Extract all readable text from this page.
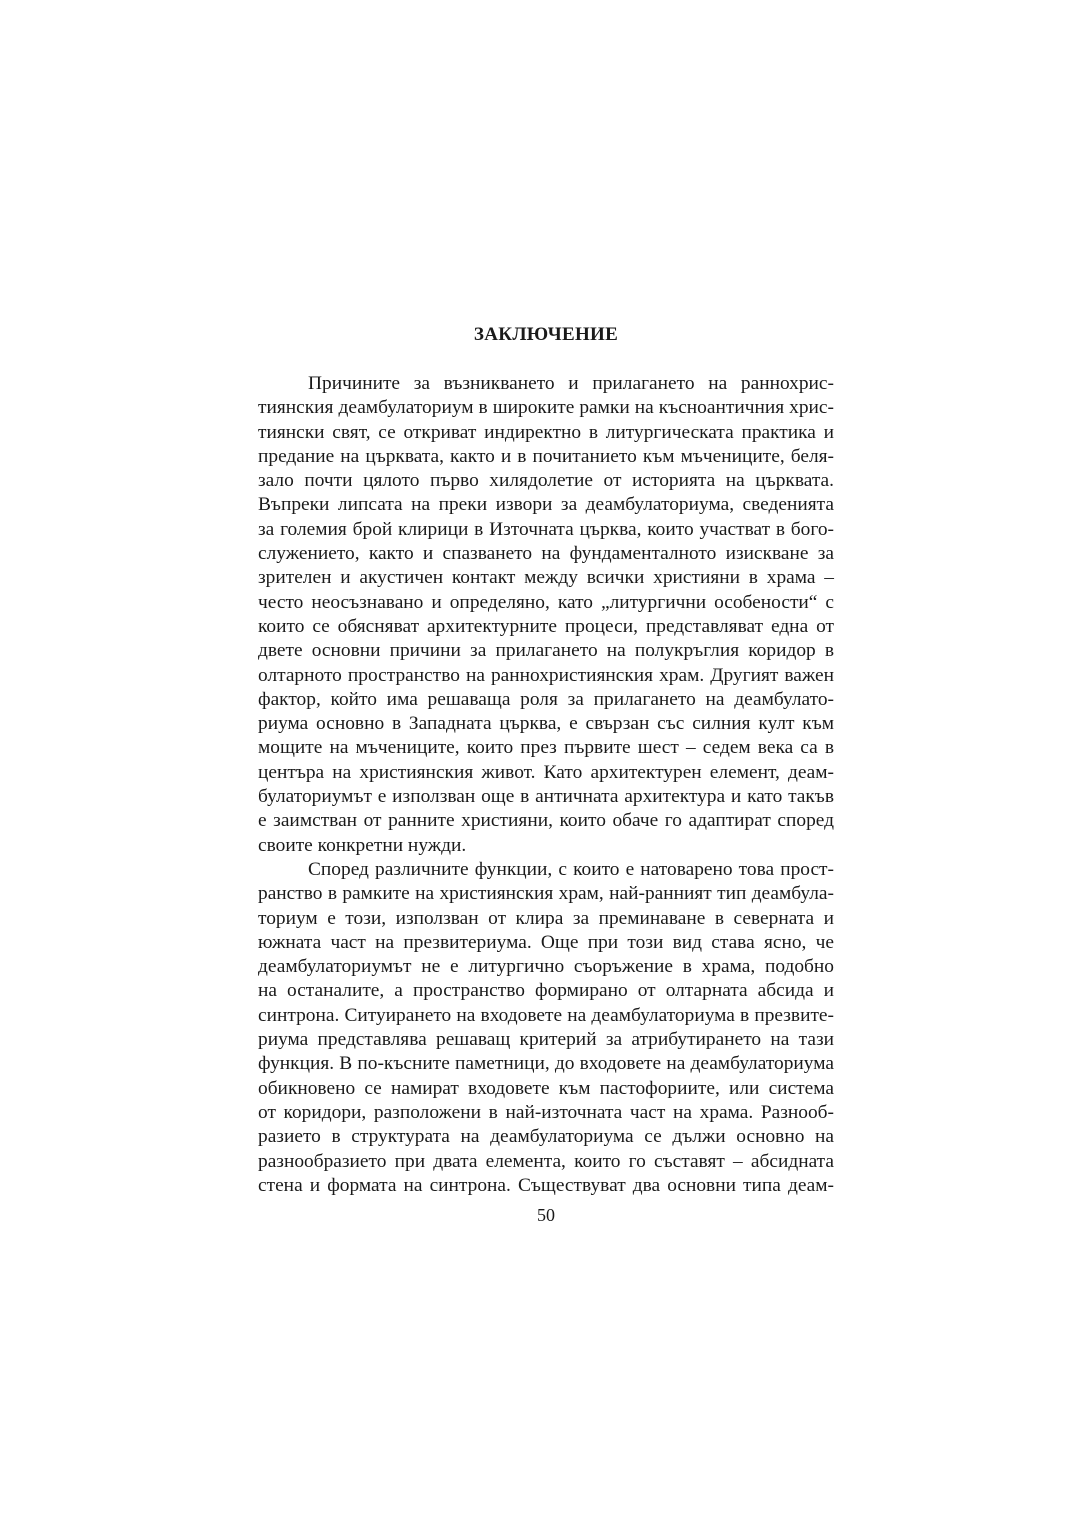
ЗАКЛЮЧЕНИЕ
Причините за възникването и прилагането на раннохрис-
тиянския деамбулаториум в широките рамки на късноантичния хрис-
тиянски свят, се откриват индиректно в литургическата практика и
предание на църквата, както и в почитанието към мъчениците, беля-
зало почти цялото първо хилядолетие от историята на църквата.
Въпреки липсата на преки извори за деамбулаториума, сведенията
за големия брой клирици в Източната църква, които участват в бого-
служението, както и спазването на фундаменталното изискване за
зрителен и акустичен контакт между всички християни в храма –
често неосъзнавано и определяно, като „литургични особености“ с
които се обясняват архитектурните процеси, представляват една от
двете основни причини за прилагането на полукръглия коридор в
олтарното пространство на раннохристиянския храм. Другият важен
фактор, който има решаваща роля за прилагането на деамбулато-
риума основно в Западната църква, е свързан със силния култ към
мощите на мъчениците, които през първите шест – седем века са в
центъра на християнския живот. Като архитектурен елемент, деам-
булаториумът е използван още в античната архитектура и като такъв
е заимстван от ранните християни, които обаче го адаптират според
своите конкретни нужди.
Според различните функции, с които е натоварено това прост-
ранство в рамките на християнския храм, най-ранният тип деамбула-
ториум е този, използван от клира за преминаване в северната и
южната част на презвитериума. Още при този вид става ясно, че
деамбулаториумът не е литургично съоръжение в храма, подобно
на останалите, а пространство формирано от олтарната абсида и
синтрона. Ситуирането на входовете на деамбулаториума в презвите-
риума представлява решаващ критерий за атрибутирането на тази
функция. В по-късните паметници, до входовете на деамбулаториума
обикновено се намират входовете към пастофориите, или система
от коридори, разположени в най-източната част на храма. Разнооб-
разието в структурата на деамбулаториума се дължи основно на
разнообразието при двата елемента, които го съставят – абсидната
стена и формата на синтрона. Съществуват два основни типа деам-
50
